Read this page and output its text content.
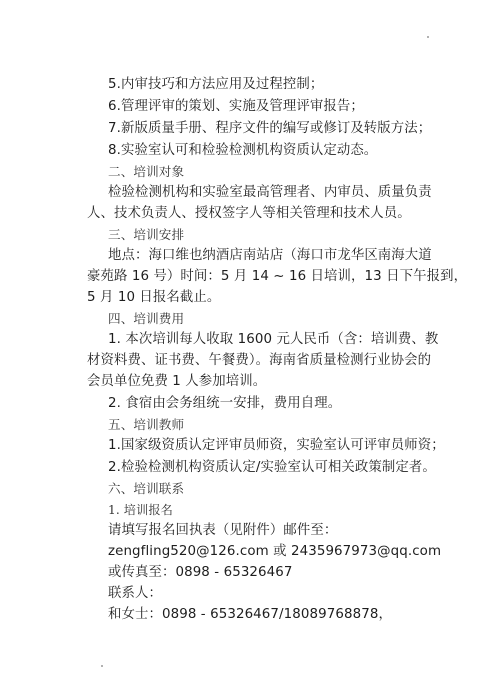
5.内审技巧和方法应用及过程控制；
6.管理评审的策划、实施及管理评审报告；
7.新版质量手册、程序文件的编写或修订及转版方法；
8.实验室认可和检验检测机构资质认定动态。
二、培训对象
检验检测机构和实验室最高管理者、内审员、质量负责
人、技术负责人、授权签字人等相关管理和技术人员。
三、培训安排
地点：海口维也纳酒店南站店（海口市龙华区南海大道
豪苑路 16 号）时间：5 月 14 ~ 16 日培训，13 日下午报到，
5 月 10 日报名截止。
四、培训费用
1. 本次培训每人收取 1600 元人民币（含：培训费、教
材资料费、证书费、午餐费）。海南省质量检测行业协会的
会员单位免费 1 人参加培训。
2. 食宿由会务组统一安排，费用自理。
五、培训教师
1.国家级资质认定评审员师资，实验室认可评审员师资；
2.检验检测机构资质认定/实验室认可相关政策制定者。
六、培训联系
1. 培训报名
请填写报名回执表（见附件）邮件至：
zengfling520@126.com 或 2435967973@qq.com
或传真至：0898 - 65326467
联系人：
和女士：0898 - 65326467/18089768878，
